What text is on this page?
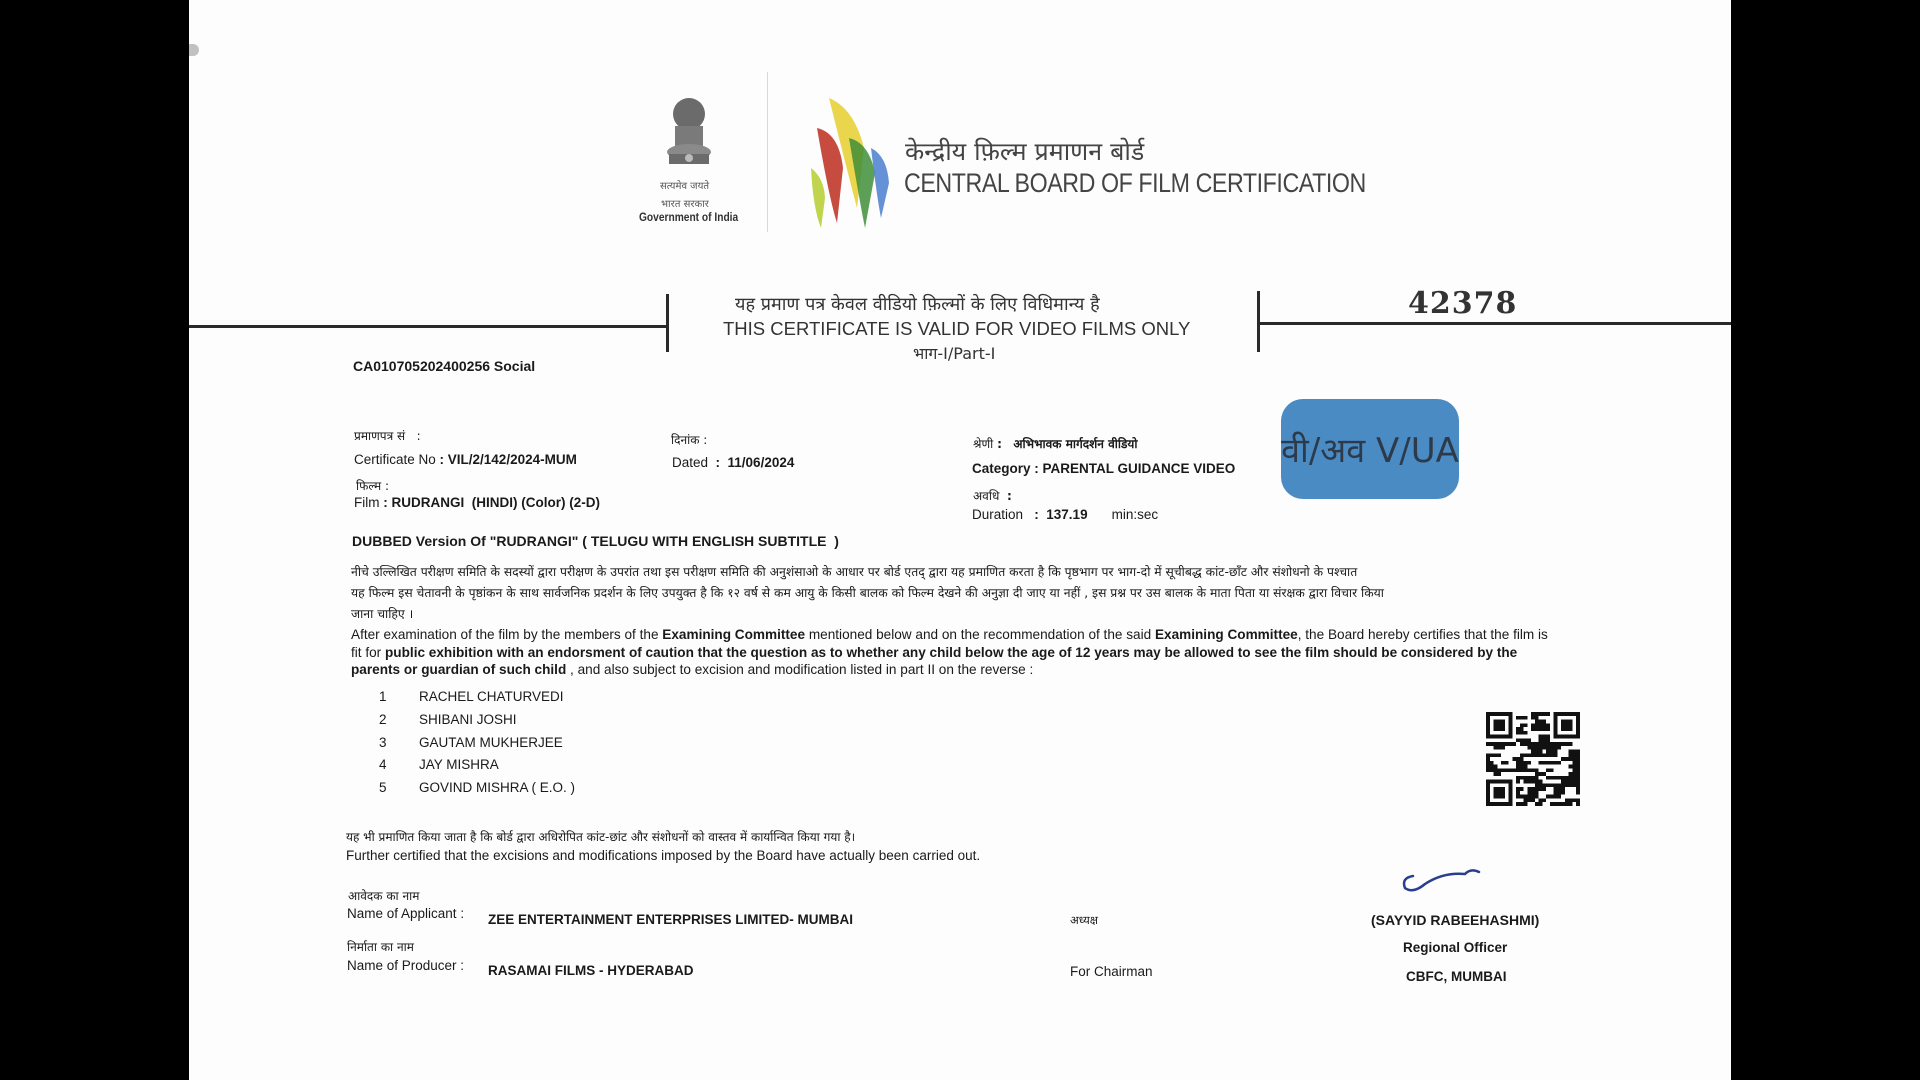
सत्यमेव जयते
भारत सरकार
Government of India
केन्द्रीय फ़िल्म प्रमाणन बोर्ड
CENTRAL BOARD OF FILM CERTIFICATION
यह प्रमाण पत्र केवल वीडियो फ़िल्मों के लिए विधिमान्य है
THIS CERTIFICATE IS VALID FOR VIDEO FILMS ONLY
भाग-I/Part-I
42378
CA010705202400256 Social
प्रमाणपत्र सं :
Certificate No : VIL/2/142/2024-MUM
दिनांक :
Dated  :  11/06/2024
फिल्म :
Film : RUDRANGI  (HINDI) (Color) (2-D)
श्रेणी : अभिभावक मार्गदर्शन वीडियो
Category : PARENTAL GUIDANCE VIDEO
अवधि :
Duration   :  137.19 min:sec
वी/अव V/UA
DUBBED Version Of "RUDRANGI" ( TELUGU WITH ENGLISH SUBTITLE  )
नीचे उल्लिखित परीक्षण समिति के सदस्यों द्वारा परीक्षण के उपरांत तथा इस परीक्षण समिति की अनुशंसाओ के आधार पर बोर्ड एतद् द्वारा यह प्रमाणित करता है कि पृष्ठभाग पर भाग-दो में सूचीबद्ध कांट-छाँट और संशोधनो के पश्चात
यह फिल्म इस चेतावनी के पृष्ठांकन के साथ सार्वजनिक प्रदर्शन के लिए उपयुक्त है कि १२ वर्ष से कम आयु के किसी बालक को फिल्म देखने की अनुज्ञा दी जाए या नहीं , इस प्रश्न पर उस बालक के माता पिता या संरक्षक द्वारा विचार किया
जाना चाहिए ।
After examination of the film by the members of the Examining Committee mentioned below and on the recommendation of the said Examining Committee, the Board hereby certifies that the film is fit for public exhibition with an endorsment of caution that the question as to whether any child below the age of 12 years may be allowed to see the film should be considered by the parents or guardian of such child , and also subject to excision and modification listed in part II on the reverse :
1 RACHEL CHATURVEDI
2 SHIBANI JOSHI
3 GAUTAM MUKHERJEE
4 JAY MISHRA
5 GOVIND MISHRA ( E.O. )
यह भी प्रमाणित किया जाता है कि बोर्ड द्वारा अधिरोपित कांट-छांट और संशोधनों को वास्तव में कार्यान्वित किया गया है।
Further certified that the excisions and modifications imposed by the Board have actually been carried out.
आवेदक का नाम
Name of Applicant : ZEE ENTERTAINMENT ENTERPRISES LIMITED- MUMBAI
निर्माता का नाम
Name of Producer : RASAMAI FILMS - HYDERABAD
अध्यक्ष
For Chairman
(SAYYID RABEEHASHMI)
Regional Officer
CBFC, MUMBAI
